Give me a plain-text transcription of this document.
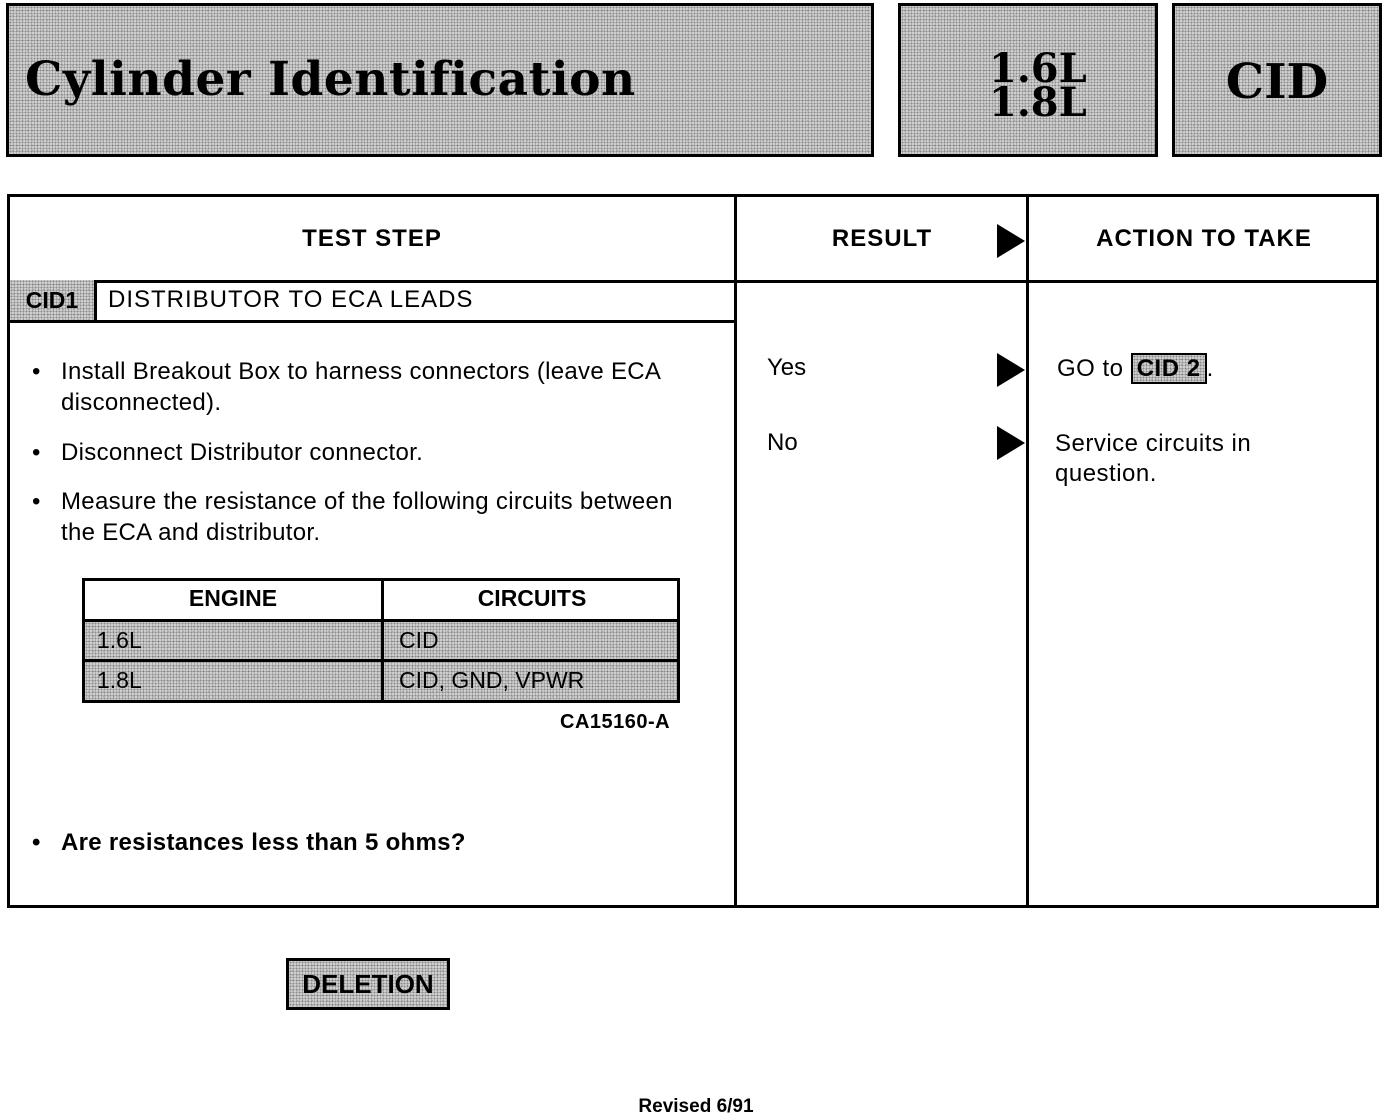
Cylinder Identification	1.6L
1.8L	CID
TEST STEP	RESULT	ACTION TO TAKE
CID1	DISTRIBUTOR TO ECA LEADS
• Install Breakout Box to harness connectors (leave ECA disconnected).
• Disconnect Distributor connector.
• Measure the resistance of the following circuits between the ECA and distributor.
ENGINE	CIRCUITS
1.6L	CID
1.8L	CID, GND, VPWR
CA15160-A
• Are resistances less than 5 ohms?
Yes	GO to CID 2 .
No	Service circuits in question.
DELETION
Revised 6/91
